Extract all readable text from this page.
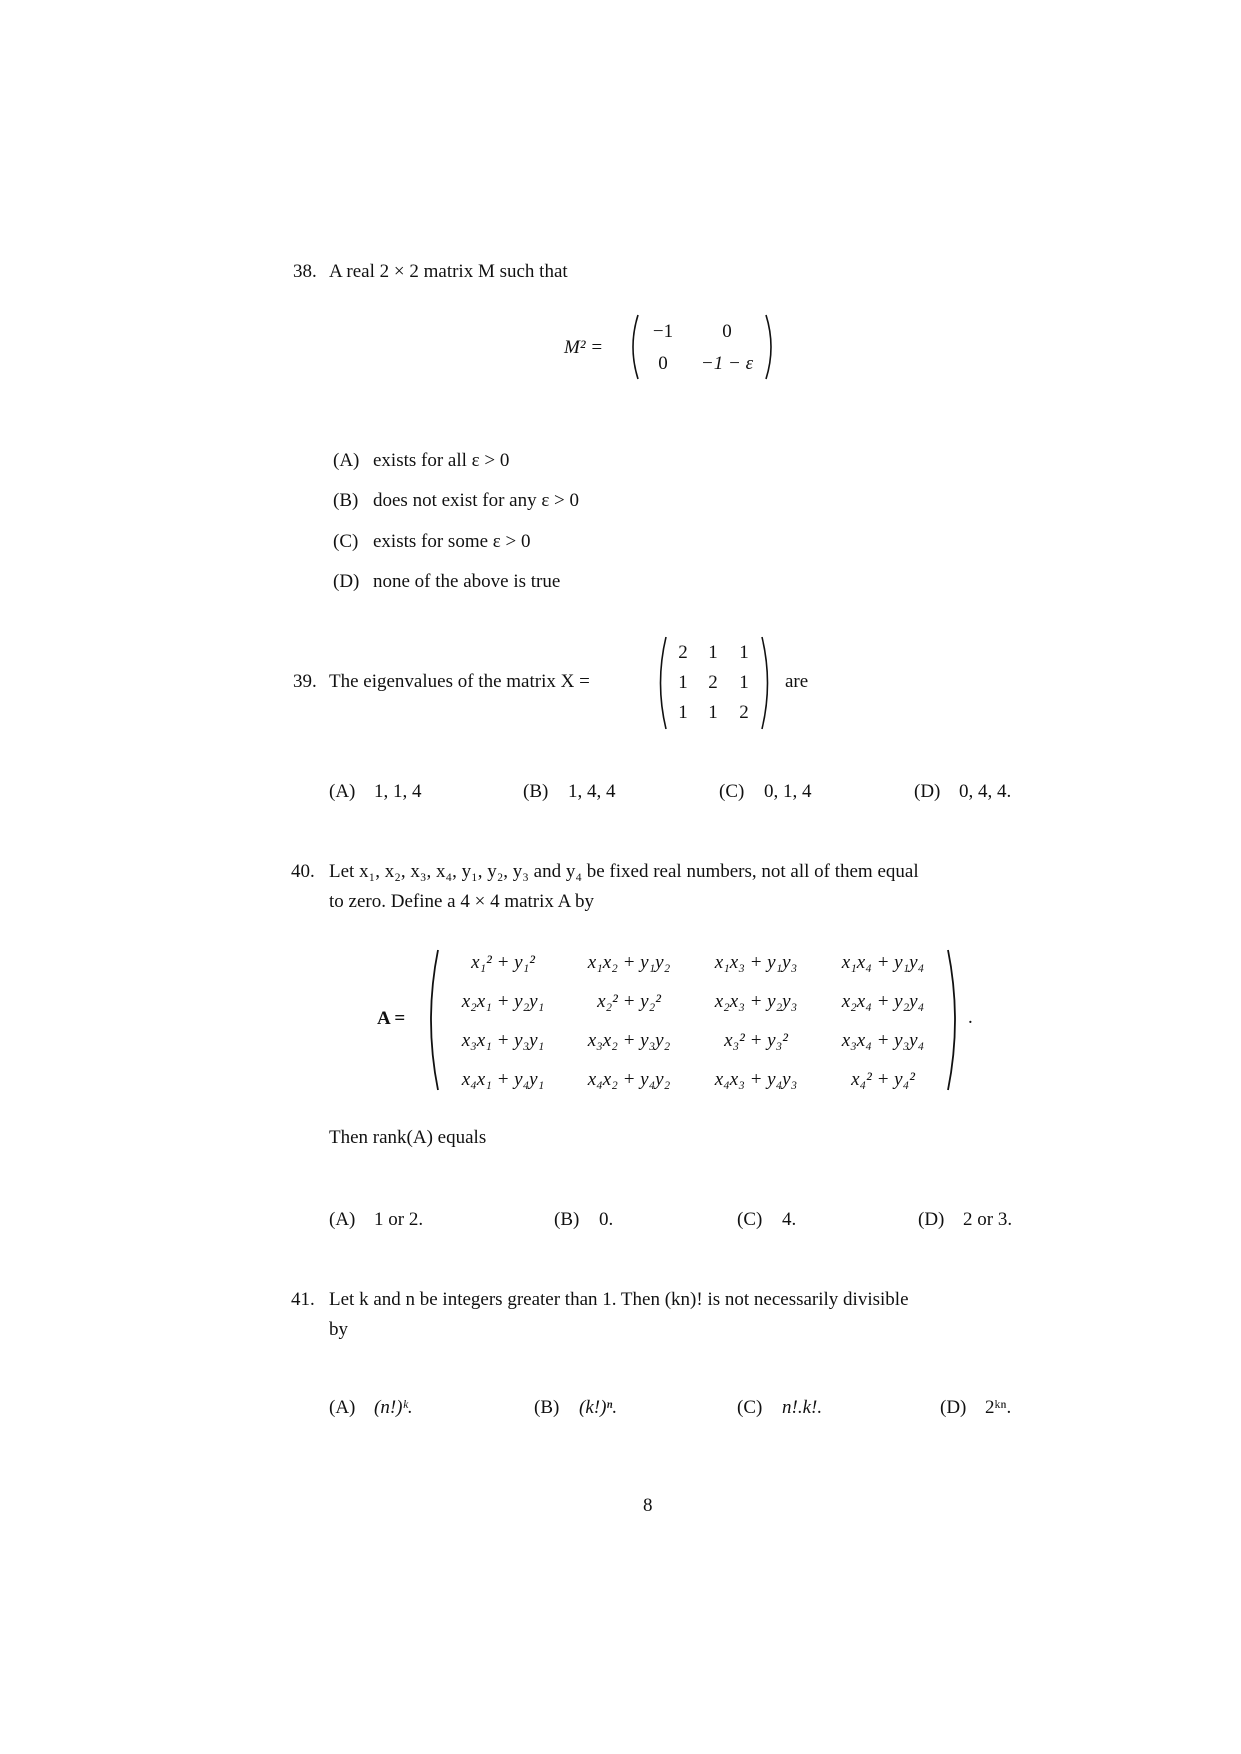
38. A real 2 × 2 matrix M such that
M² =
−1	0
0	−1 − ε
(A) exists for all ε > 0
(B) does not exist for any ε > 0
(C) exists for some ε > 0
(D) none of the above is true
39. The eigenvalues of the matrix X =
2	1	1
1	2	1
1	1	2
are
(A) 1, 1, 4	(B) 1, 4, 4	(C) 0, 1, 4	(D) 0, 4, 4.
40. Let x₁, x₂, x₃, x₄, y₁, y₂, y₃ and y₄ be fixed real numbers, not all of them equal
to zero. Define a 4 × 4 matrix A by
A =
x₁² + y₁²	x₁x₂ + y₁y₂	x₁x₃ + y₁y₃	x₁x₄ + y₁y₄
x₂x₁ + y₂y₁	x₂² + y₂²	x₂x₃ + y₂y₃	x₂x₄ + y₂y₄
x₃x₁ + y₃y₁	x₃x₂ + y₃y₂	x₃² + y₃²	x₃x₄ + y₃y₄
x₄x₁ + y₄y₁	x₄x₂ + y₄y₂	x₄x₃ + y₄y₃	x₄² + y₄²
.
Then rank(A) equals
(A) 1 or 2.	(B) 0.	(C) 4.	(D) 2 or 3.
41. Let k and n be integers greater than 1. Then (kn)! is not necessarily divisible
by
(A) (n!)ᵏ.	(B) (k!)ⁿ.	(C) n!.k!.	(D) 2ᵏⁿ.
8
